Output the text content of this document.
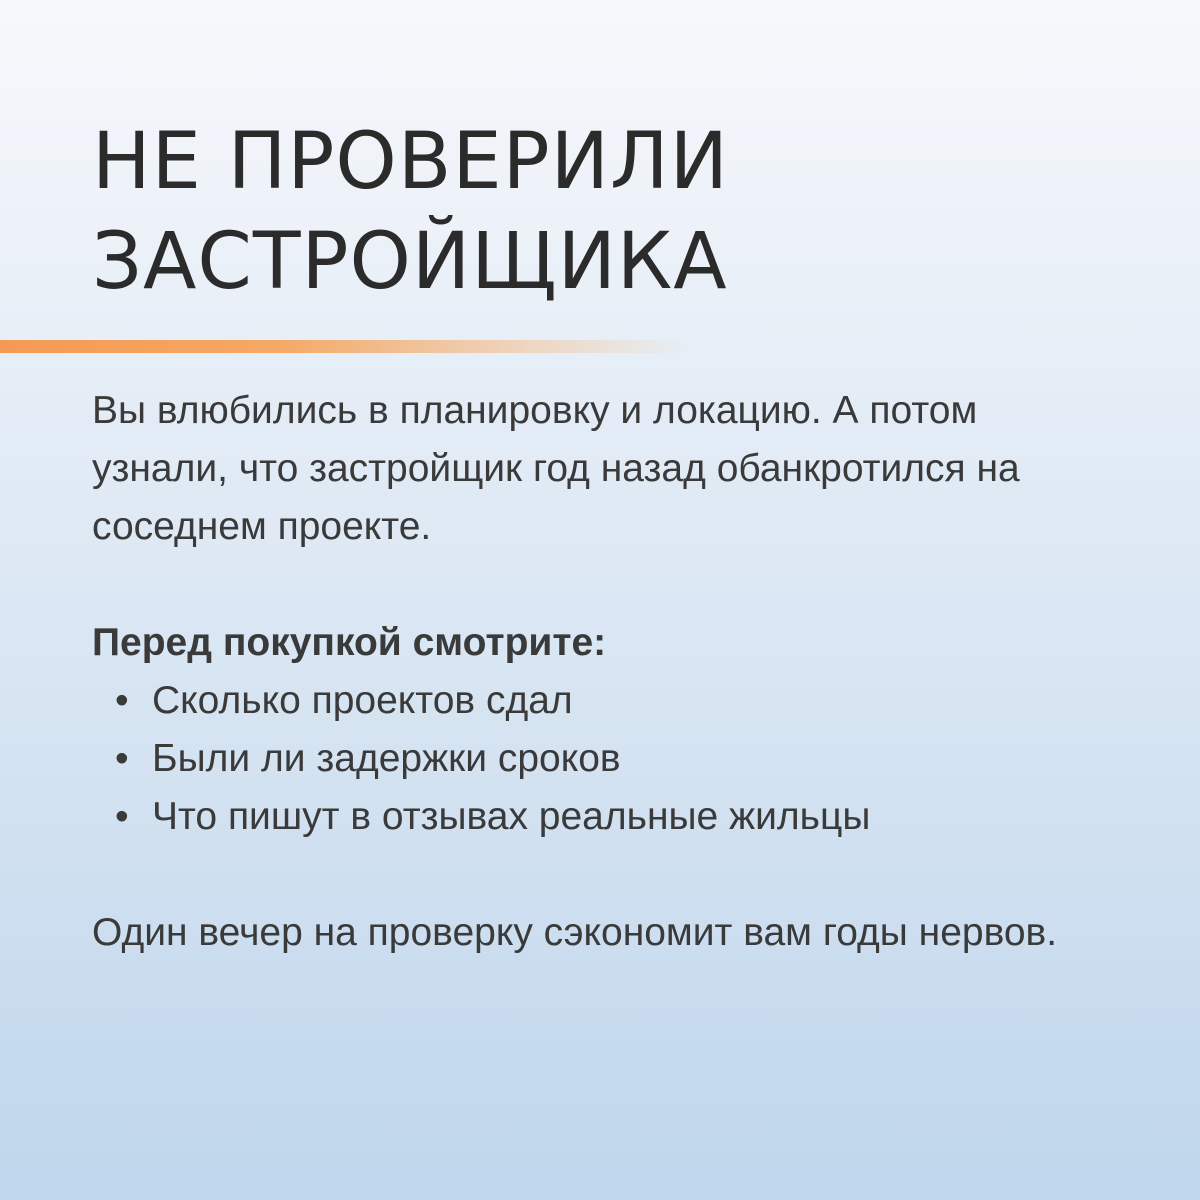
НЕ ПРОВЕРИЛИ
ЗАСТРОЙЩИКА

Вы влюбились в планировку и локацию. А потом узнали, что застройщик год назад обанкротился на соседнем проекте.

Перед покупкой смотрите:

• Сколько проектов сдал
• Были ли задержки сроков
• Что пишут в отзывах реальные жильцы

Один вечер на проверку сэкономит вам годы нервов.
